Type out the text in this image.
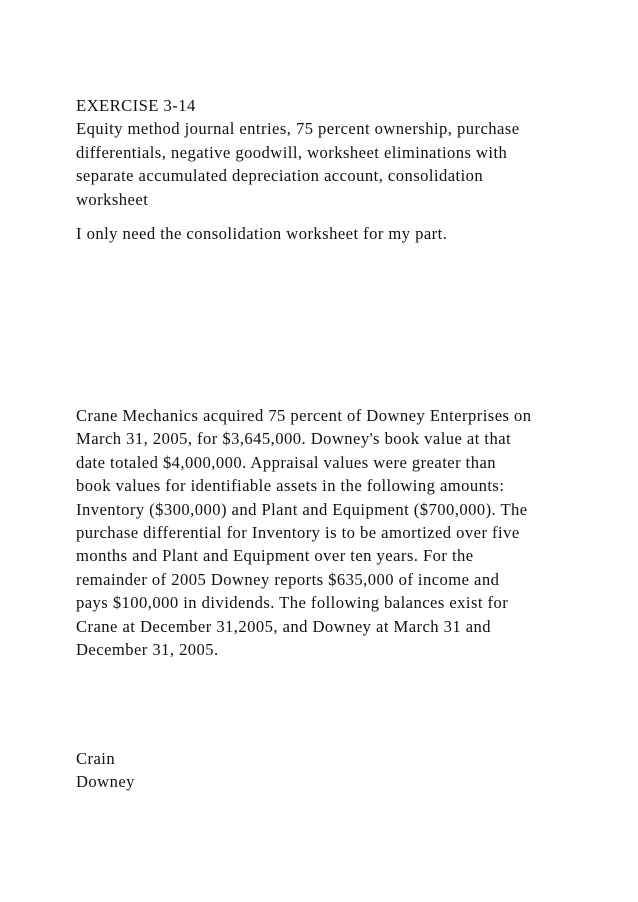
EXERCISE 3-14
Equity method journal entries, 75 percent ownership, purchase
differentials, negative goodwill, worksheet eliminations with
separate accumulated depreciation account, consolidation
worksheet

I only need the consolidation worksheet for my part.

Crane Mechanics acquired 75 percent of Downey Enterprises on
March 31, 2005, for $3,645,000. Downey's book value at that
date totaled $4,000,000. Appraisal values were greater than
book values for identifiable assets in the following amounts:
Inventory ($300,000) and Plant and Equipment ($700,000). The
purchase differential for Inventory is to be amortized over five
months and Plant and Equipment over ten years. For the
remainder of 2005 Downey reports $635,000 of income and
pays $100,000 in dividends. The following balances exist for
Crane at December 31,2005, and Downey at March 31 and
December 31, 2005.

Crain
Downey
